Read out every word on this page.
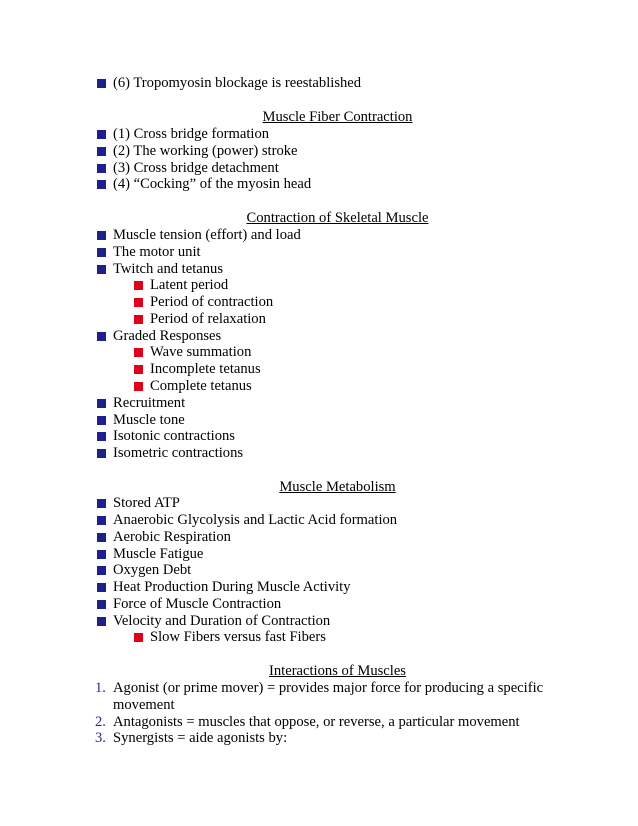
(6) Tropomyosin blockage is reestablished
Muscle Fiber Contraction
(1) Cross bridge formation
(2) The working (power) stroke
(3) Cross bridge detachment
(4) “Cocking” of the myosin head
Contraction of Skeletal Muscle
Muscle tension (effort) and load
The motor unit
Twitch and tetanus
Latent period
Period of contraction
Period of relaxation
Graded Responses
Wave summation
Incomplete tetanus
Complete tetanus
Recruitment
Muscle tone
Isotonic contractions
Isometric contractions
Muscle Metabolism
Stored ATP
Anaerobic Glycolysis and Lactic Acid formation
Aerobic Respiration
Muscle Fatigue
Oxygen Debt
Heat Production During Muscle Activity
Force of Muscle Contraction
Velocity and Duration of Contraction
Slow Fibers versus fast Fibers
Interactions of Muscles
1. Agonist (or prime mover) = provides major force for producing a specific
movement
2. Antagonists = muscles that oppose, or reverse, a particular movement
3. Synergists = aide agonists by:
